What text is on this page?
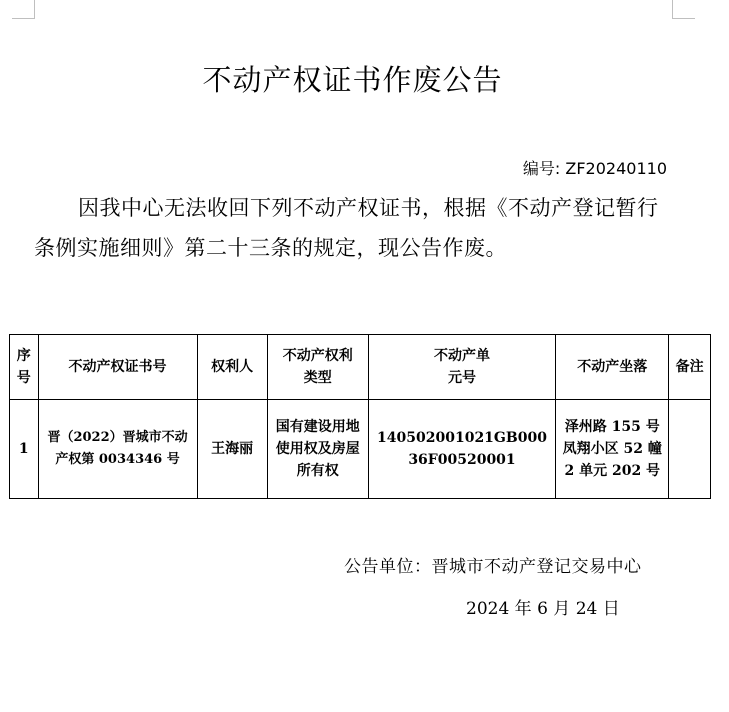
不动产权证书作废公告
编号: ZF20240110

因我中心无法收回下列不动产权证书，根据《不动产登记暂行条例实施细则》第二十三条的规定，现公告作废。

序号	不动产权证书号	权利人	不动产权利类型	不动产单元号	不动产坐落	备注
1	晋（2022）晋城市不动产权第 0034346 号	王海丽	国有建设用地使用权及房屋所有权	140502001021GB00036F00520001	泽州路 155 号凤翔小区 52 幢 2 单元 202 号	
公告单位：晋城市不动产登记交易中心
2024 年 6 月 24 日
